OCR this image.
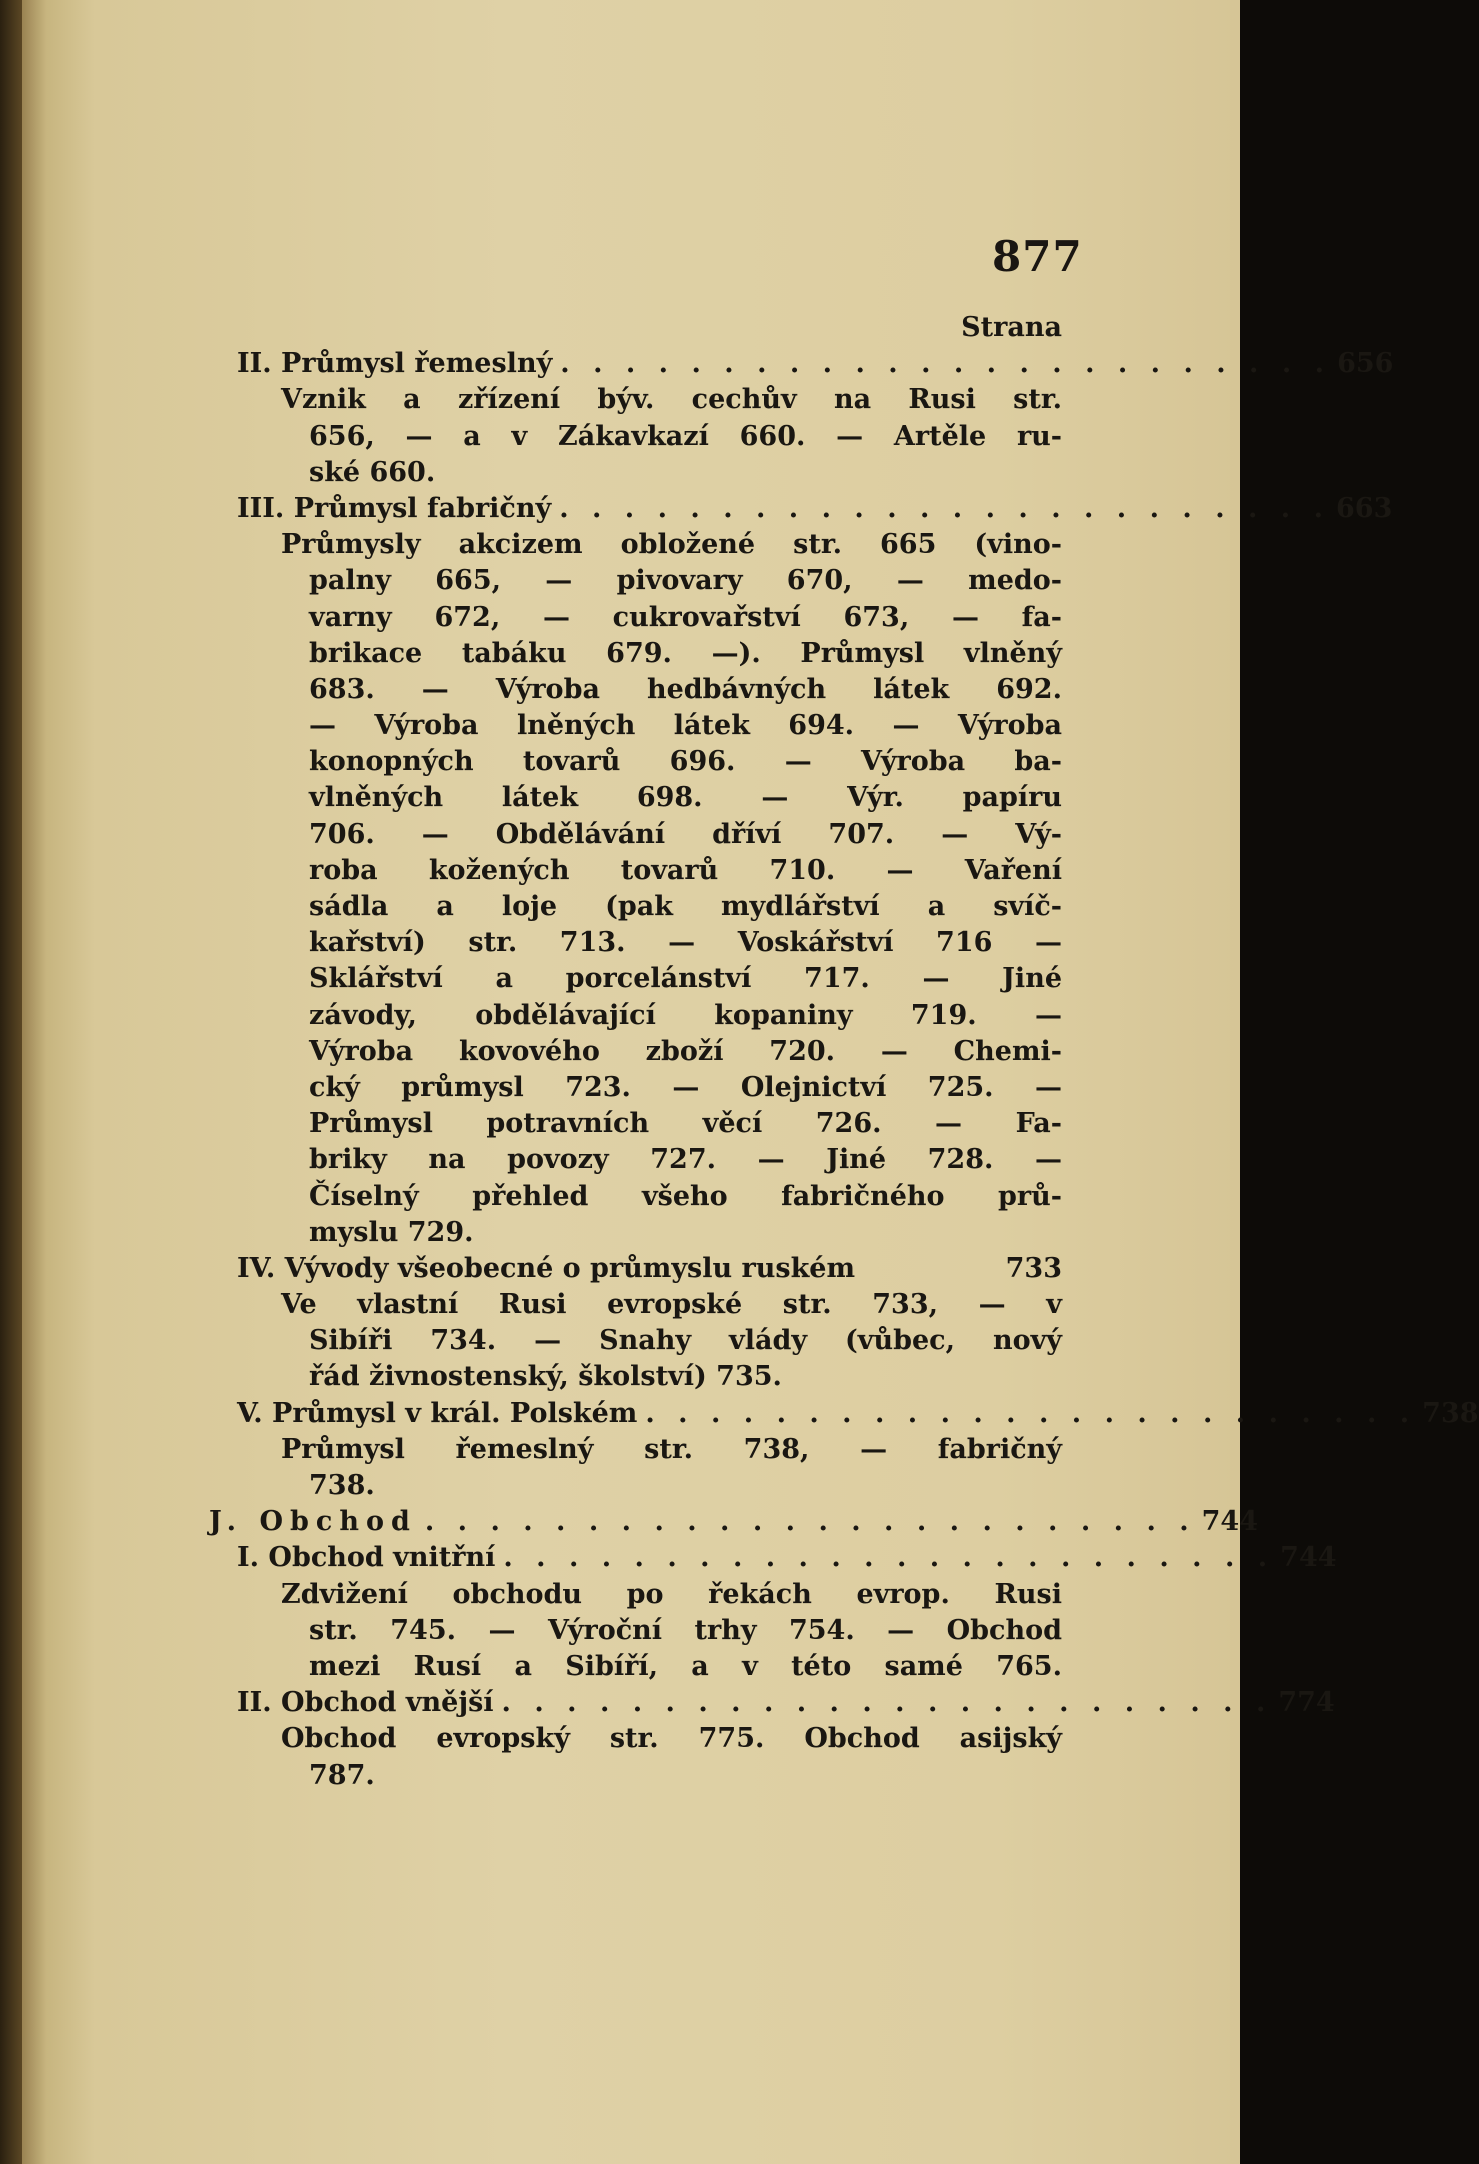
877
Strana
II. Průmysl řemeslný . . . . . . . . . . . . . . . . . . . . . . . . 656
Vznik a zřízení býv. cechův na Rusi str.
656, — a v Zákavkazí 660. — Artěle ru-
ské 660.
III. Průmysl fabričný . . . . . . . . . . . . . . . . . . . . . . . . 663
Průmysly akcizem obložené str. 665 (vino-
palny 665, — pivovary 670, — medo-
varny 672, — cukrovařství 673, — fa-
brikace tabáku 679. —). Průmysl vlněný
683. — Výroba hedbávných látek 692.
— Výroba lněných látek 694. — Výroba
konopných tovarů 696. — Výroba ba-
vlněných látek 698. — Výr. papíru
706. — Obdělávání dříví 707. — Vý-
roba kožených tovarů 710. — Vaření
sádla a loje (pak mydlářství a svíč-
kařství) str. 713. — Voskářství 716 —
Sklářství a porcelánství 717. — Jiné
závody, obdělávající kopaniny 719. —
Výroba kovového zboží 720. — Chemi-
cký průmysl 723. — Olejnictví 725. —
Průmysl potravních věcí 726. — Fa-
briky na povozy 727. — Jiné 728. —
Číselný přehled všeho fabričného prů-
myslu 729.
IV. Vývody všeobecné o průmyslu ruském	733
Ve vlastní Rusi evropské str. 733, — v
Sibíři 734. — Snahy vlády (vůbec, nový
řád živnostenský, školství) 735.
V. Průmysl v král. Polském . . . . . . . . . . . . . . . . . . . . . . . . 738
Průmysl řemeslný str. 738, — fabričný
738.
J. Obchod . . . . . . . . . . . . . . . . . . . . . . . . 744
I. Obchod vnitřní . . . . . . . . . . . . . . . . . . . . . . . . 744
Zdvižení obchodu po řekách evrop. Rusi
str. 745. — Výroční trhy 754. — Obchod
mezi Rusí a Sibíří, a v této samé 765.
II. Obchod vnější . . . . . . . . . . . . . . . . . . . . . . . . 774
Obchod evropský str. 775. Obchod asijský
787.
